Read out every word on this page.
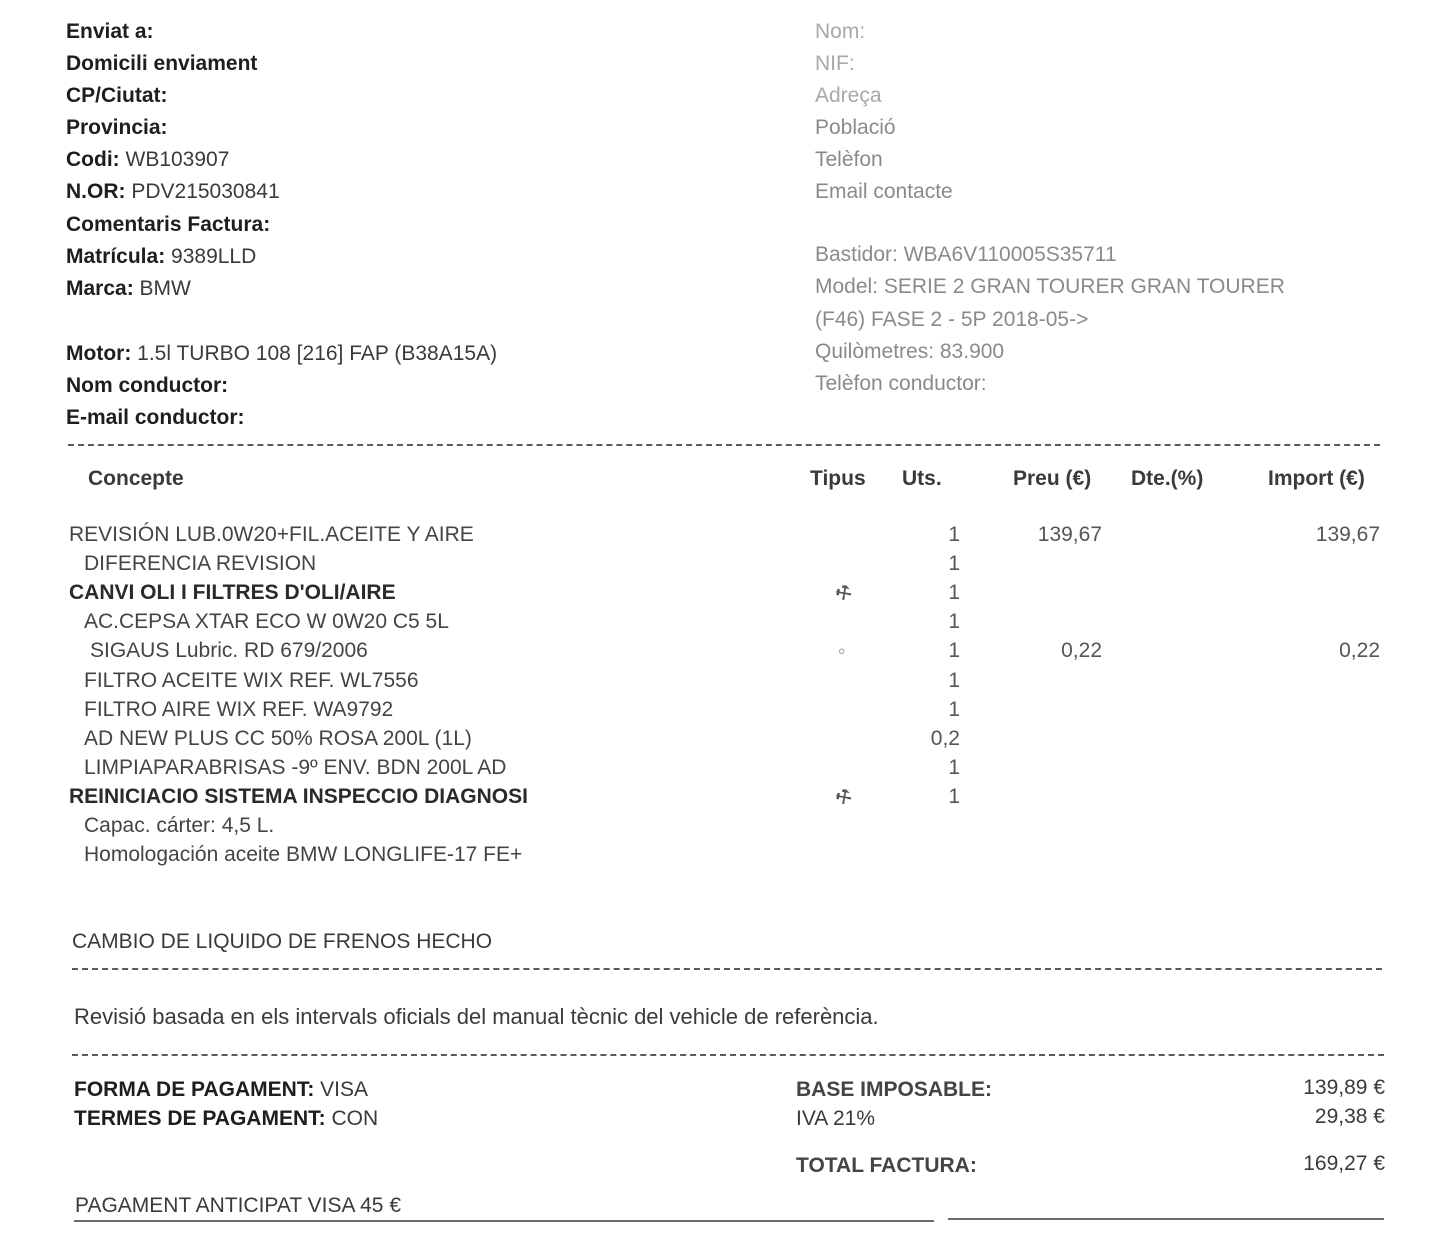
Enviat a:
Domicili enviament
CP/Ciutat:
Provincia:
Codi: WB103907
N.OR: PDV215030841
Comentaris Factura:
Matrícula: 9389LLD
Marca: BMW
Motor: 1.5l TURBO 108 [216] FAP (B38A15A)
Nom conductor:
E-mail conductor:
Nom:
NIF:
Adreça
Població
Telèfon
Email contacte
Bastidor: WBA6V110005S35711
Model: SERIE 2 GRAN TOURER GRAN TOURER
(F46) FASE 2 - 5P 2018-05->
Quilòmetres: 83.900
Telèfon conductor:
Concepte	Tipus Uts.	Preu (€) Dte.(%)	Import (€)
REVISIÓN LUB.0W20+FIL.ACEITE Y AIRE	1	139,67	139,67
DIFERENCIA REVISION	1
CANVI OLI I FILTRES D'OLI/AIRE	⚒	1
AC.CEPSA XTAR ECO W 0W20 C5 5L	1
SIGAUS Lubric. RD 679/2006	∘	1	0,22	0,22
FILTRO ACEITE WIX REF. WL7556	1
FILTRO AIRE WIX REF. WA9792	1
AD NEW PLUS CC 50% ROSA 200L (1L)	0,2
LIMPIAPARABRISAS -9º ENV. BDN 200L AD	1
REINICIACIO SISTEMA INSPECCIO DIAGNOSI	⚒	1
Capac. cárter: 4,5 L.
Homologación aceite BMW LONGLIFE-17 FE+
CAMBIO DE LIQUIDO DE FRENOS HECHO
Revisió basada en els intervals oficials del manual tècnic del vehicle de referència.
FORMA DE PAGAMENT: VISA
TERMES DE PAGAMENT: CON
BASE IMPOSABLE:	139,89 €
IVA 21%	29,38 €
TOTAL FACTURA:	169,27 €
PAGAMENT ANTICIPAT VISA 45 €
